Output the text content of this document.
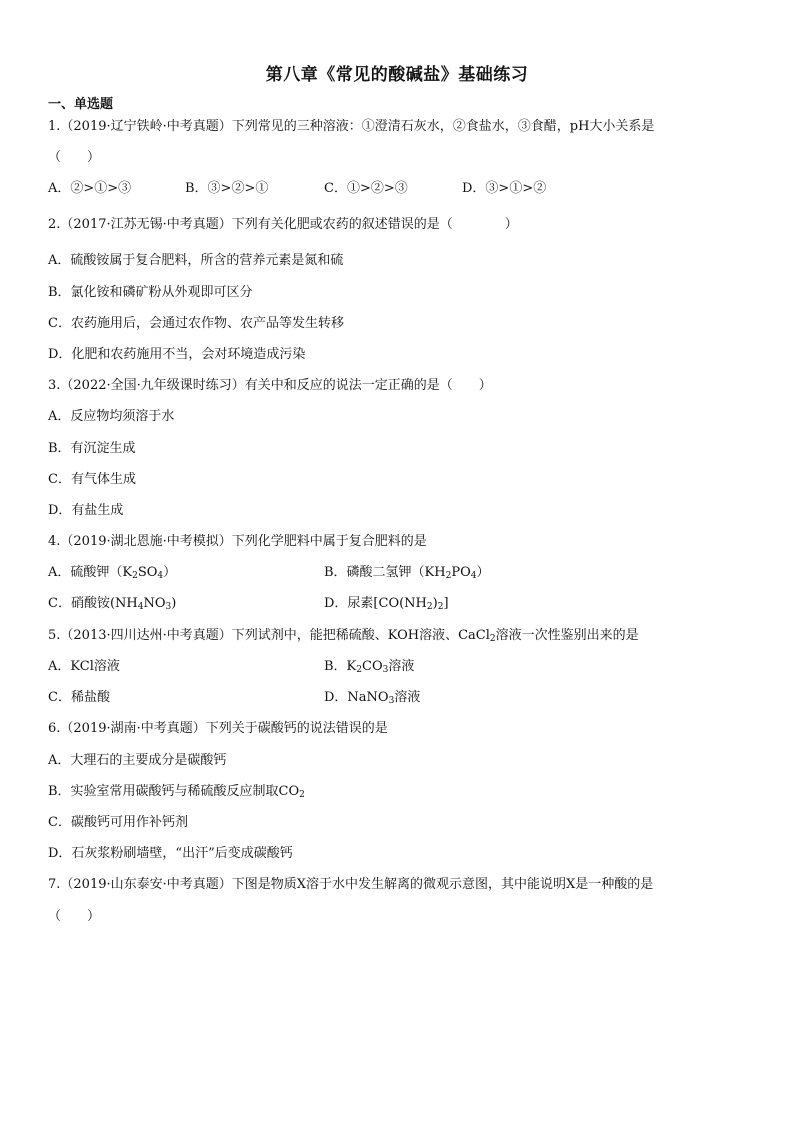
第八章《常见的酸碱盐》基础练习
一、单选题
1.（2019·辽宁铁岭·中考真题）下列常见的三种溶液：①澄清石灰水，②食盐水，③食醋，pH大小关系是
（　　）
A．②>①>③	B．③>②>①	C．①>②>③	D．③>①>②
2.（2017·江苏无锡·中考真题）下列有关化肥或农药的叙述错误的是（　　　　）
A．硫酸铵属于复合肥料，所含的营养元素是氮和硫
B．氯化铵和磷矿粉从外观即可区分
C．农药施用后，会通过农作物、农产品等发生转移
D．化肥和农药施用不当，会对环境造成污染
3.（2022·全国·九年级课时练习）有关中和反应的说法一定正确的是（　　）
A．反应物均须溶于水
B．有沉淀生成
C．有气体生成
D．有盐生成
4.（2019·湖北恩施·中考模拟）下列化学肥料中属于复合肥料的是
A．硫酸钾$(K_2SO_4)$	B．磷酸二氢钾$(KH_2PO_4)$
C．硝酸铵$(NH_4NO_3)$	D．尿素$[CO(NH_2)_2]$
5.（2013·四川达州·中考真题）下列试剂中，能把稀硫酸、KOH溶液、CaCl$_2$溶液一次性鉴别出来的是
A．KCl溶液	B．$K_2CO_3$溶液
C．稀盐酸	D．NaNO$_3$溶液
6.（2019·湖南·中考真题）下列关于碳酸钙的说法错误的是
A．大理石的主要成分是碳酸钙
B．实验室常用碳酸钙与稀硫酸反应制取$CO_2$
C．碳酸钙可用作补钙剂
D．石灰浆粉刷墙壁，“出汗”后变成碳酸钙
7.（2019·山东泰安·中考真题）下图是物质X溶于水中发生解离的微观示意图，其中能说明X是一种酸的是
（　　）
